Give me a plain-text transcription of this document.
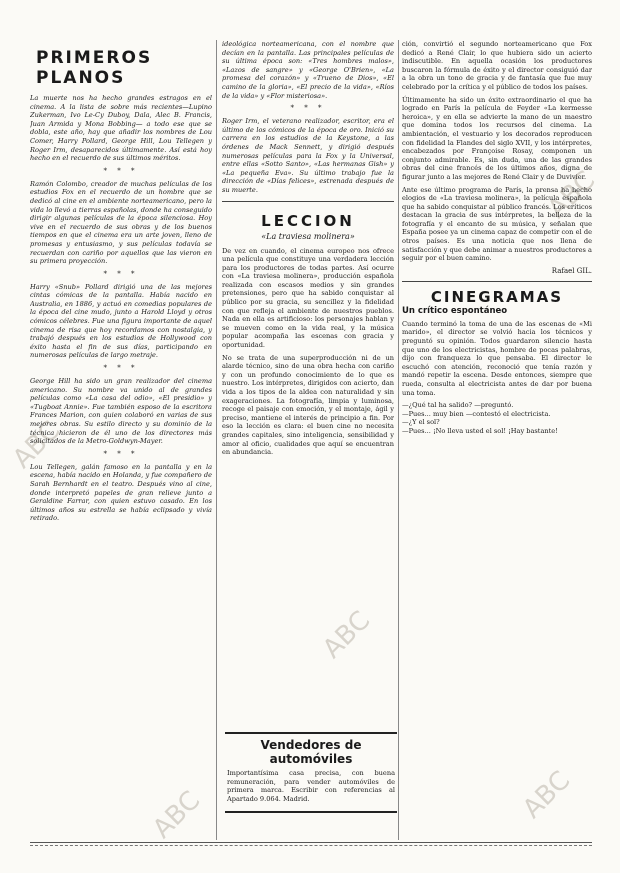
ABC
ABC
ABC
ABC
ABC
PRIMEROS PLANOS

La muerte nos ha hecho grandes estragos en el cinema. A la lista de sobre más recientes—Lupino Zukerman, Ivo Le-Cy Duboy, Dala, Alec B. Francis, Juan Armida y Mona Bobbing— a todo ese que se dobla, este año, hay que añadir los nombres de Lou Comer, Harry Pollard, George Hill, Lou Tellegen y Roger Irm, desaparecidos últimamente. Así está hoy hecho en el recuerdo de sus últimos méritos.

* * *

Ramón Colombo, creador de muchas películas de los estudios Fox en el recuerdo de un hombre que se dedicó al cine en el ambiente norteamericano, pero la vida lo llevó a tierras españolas, donde ha conseguido dirigir algunas películas de la época silenciosa. Hoy vive en el recuerdo de sus obras y de los buenos tiempos en que el cinema era un arte joven, lleno de promesas y entusiasmo, y sus películas todavía se recuerdan con cariño por aquellos que las vieron en su primera proyección.

* * *

Harry «Snub» Pollard dirigió una de las mejores cintas cómicas de la pantalla. Había nacido en Australia, en 1886, y actuó en comedias populares de la época del cine mudo, junto a Harold Lloyd y otros cómicos célebres. Fue una figura importante de aquel cinema de risa que hoy recordamos con nostalgia, y trabajó después en los estudios de Hollywood con éxito hasta el fin de sus días, participando en numerosas películas de largo metraje.

* * *

George Hill ha sido un gran realizador del cinema americano. Su nombre va unido al de grandes películas como «La casa del odio», «El presidio» y «Tugboat Annie». Fue también esposo de la escritora Frances Marion, con quien colaboró en varias de sus mejores obras. Su estilo directo y su dominio de la técnica hicieron de él uno de los directores más solicitados de la Metro-Goldwyn-Mayer.

* * *

Lou Tellegen, galán famoso en la pantalla y en la escena, había nacido en Holanda, y fue compañero de Sarah Bernhardt en el teatro. Después vino al cine, donde interpretó papeles de gran relieve junto a Geraldine Farrar, con quien estuvo casado. En los últimos años su estrella se había eclipsado y vivía retirado.

ideológica norteamericana, con el nombre que decían en la pantalla. Las principales películas de su última época son: «Tres hombres malos», «Lazos de sangre» y «George O'Brien», «La promesa del corazón» y «Trueno de Dios», «El camino de la gloria», «El precio de la vida», «Ríos de la vida» y «Flor misteriosa».

* * *

Roger Irm, el veterano realizador, escritor, era el último de los cómicos de la época de oro. Inició su carrera en los estudios de la Keystone, a las órdenes de Mack Sennett, y dirigió después numerosas películas para la Fox y la Universal, entre ellas «Sotto Santo», «Las hermanas Gish» y «La pequeña Eva». Su último trabajo fue la dirección de «Días felices», estrenada después de su muerte.

LECCION
«La traviesa molinera»

De vez en cuando, el cinema europeo nos ofrece una película que constituye una verdadera lección para los productores de todas partes. Así ocurre con «La traviesa molinera», producción española realizada con escasos medios y sin grandes pretensiones, pero que ha sabido conquistar al público por su gracia, su sencillez y la fidelidad con que refleja el ambiente de nuestros pueblos. Nada en ella es artificioso: los personajes hablan y se mueven como en la vida real, y la música popular acompaña las escenas con gracia y oportunidad.

No se trata de una superproducción ni de un alarde técnico, sino de una obra hecha con cariño y con un profundo conocimiento de lo que es nuestro. Los intérpretes, dirigidos con acierto, dan vida a los tipos de la aldea con naturalidad y sin exageraciones. La fotografía, limpia y luminosa, recoge el paisaje con emoción, y el montaje, ágil y preciso, mantiene el interés de principio a fin. Por eso la lección es clara: el buen cine no necesita grandes capitales, sino inteligencia, sensibilidad y amor al oficio, cualidades que aquí se encuentran en abundancia.

Vendedores de automóviles

Importantísima casa precisa, con buena remuneración, para vender automóviles de primera marca. Escribir con referencias al Apartado 9.064. Madrid.

ción, convirtió el segundo norteamericano que Fox dedicó a René Clair, lo que hubiera sido un acierto indiscutible. En aquella ocasión los productores buscaron la fórmula de éxito y el director consiguió dar a la obra un tono de gracia y de fantasía que fue muy celebrado por la crítica y el público de todos los países.

Últimamente ha sido un éxito extraordinario el que ha logrado en París la película de Feyder «La kermesse heroica», y en ella se advierte la mano de un maestro que domina todos los recursos del cinema. La ambientación, el vestuario y los decorados reproducen con fidelidad la Flandes del siglo XVII, y los intérpretes, encabezados por Françoise Rosay, componen un conjunto admirable. Es, sin duda, una de las grandes obras del cine francés de los últimos años, digna de figurar junto a las mejores de René Clair y de Duvivier.

Ante ese último programa de París, la prensa ha hecho elogios de «La traviesa molinera», la película española que ha sabido conquistar al público francés. Los críticos destacan la gracia de sus intérpretes, la belleza de la fotografía y el encanto de su música, y señalan que España posee ya un cinema capaz de competir con el de otros países. Es una noticia que nos llena de satisfacción y que debe animar a nuestros productores a seguir por el buen camino.

Rafael GIL.
CINEGRAMAS
Un crítico espontáneo

Cuando terminó la toma de una de las escenas de «Mi marido», el director se volvió hacia los técnicos y preguntó su opinión. Todos guardaron silencio hasta que uno de los electricistas, hombre de pocas palabras, dijo con franqueza lo que pensaba. El director le escuchó con atención, reconoció que tenía razón y mandó repetir la escena. Desde entonces, siempre que rueda, consulta al electricista antes de dar por buena una toma.

—¿Qué tal ha salido? —preguntó.
—Pues... muy bien —contestó el electricista.
—¿Y el sol?
—Pues... ¡No lleva usted el sol! ¡Hay bastante!
